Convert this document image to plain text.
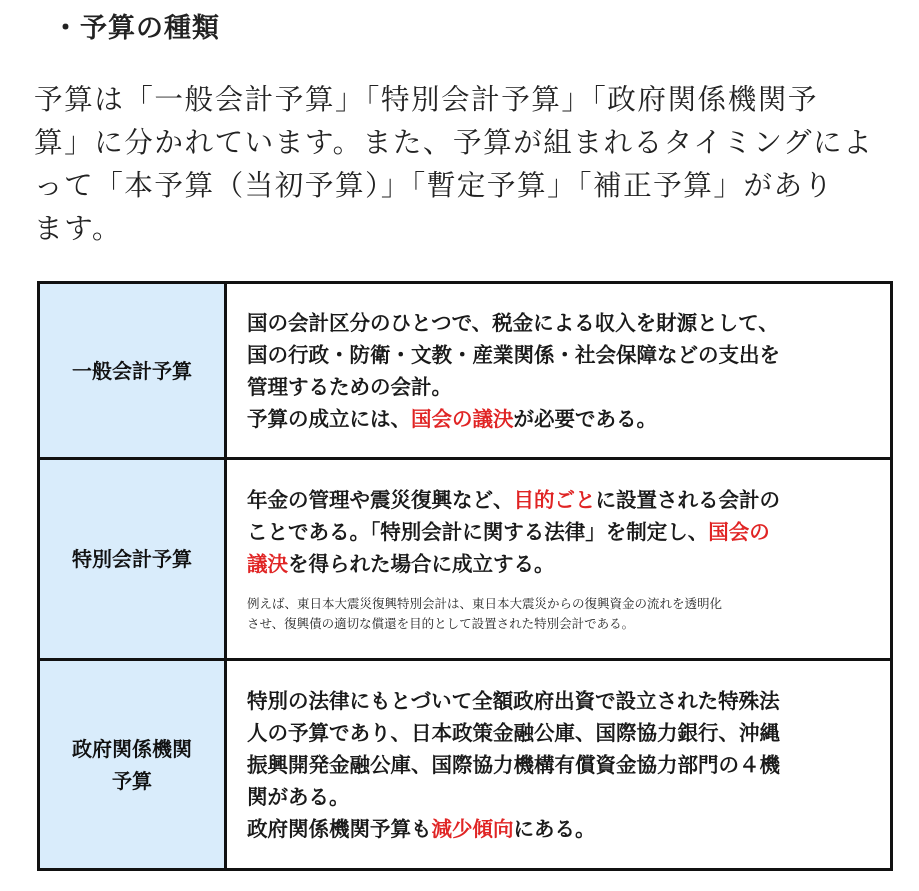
・予算の種類

予算は「一般会計予算」「特別会計予算」「政府関係機関予
算」に分かれています。また、予算が組まれるタイミングによ
って「本予算（当初予算）」「暫定予算」「補正予算」があり
ます。

一般会計予算
国の会計区分のひとつで、税金による収入を財源として、
国の行政・防衛・文教・産業関係・社会保障などの支出を
管理するための会計。
予算の成立には、国会の議決が必要である。
特別会計予算
年金の管理や震災復興など、目的ごとに設置される会計の
ことである。「特別会計に関する法律」を制定し、国会の
議決を得られた場合に成立する。
例えば、東日本大震災復興特別会計は、東日本大震災からの復興資金の流れを透明化
させ、復興債の適切な償還を目的として設置された特別会計である。
政府関係機関
予算
特別の法律にもとづいて全額政府出資で設立された特殊法
人の予算であり、日本政策金融公庫、国際協力銀行、沖縄
振興開発金融公庫、国際協力機構有償資金協力部門の４機
関がある。
政府関係機関予算も減少傾向にある。
